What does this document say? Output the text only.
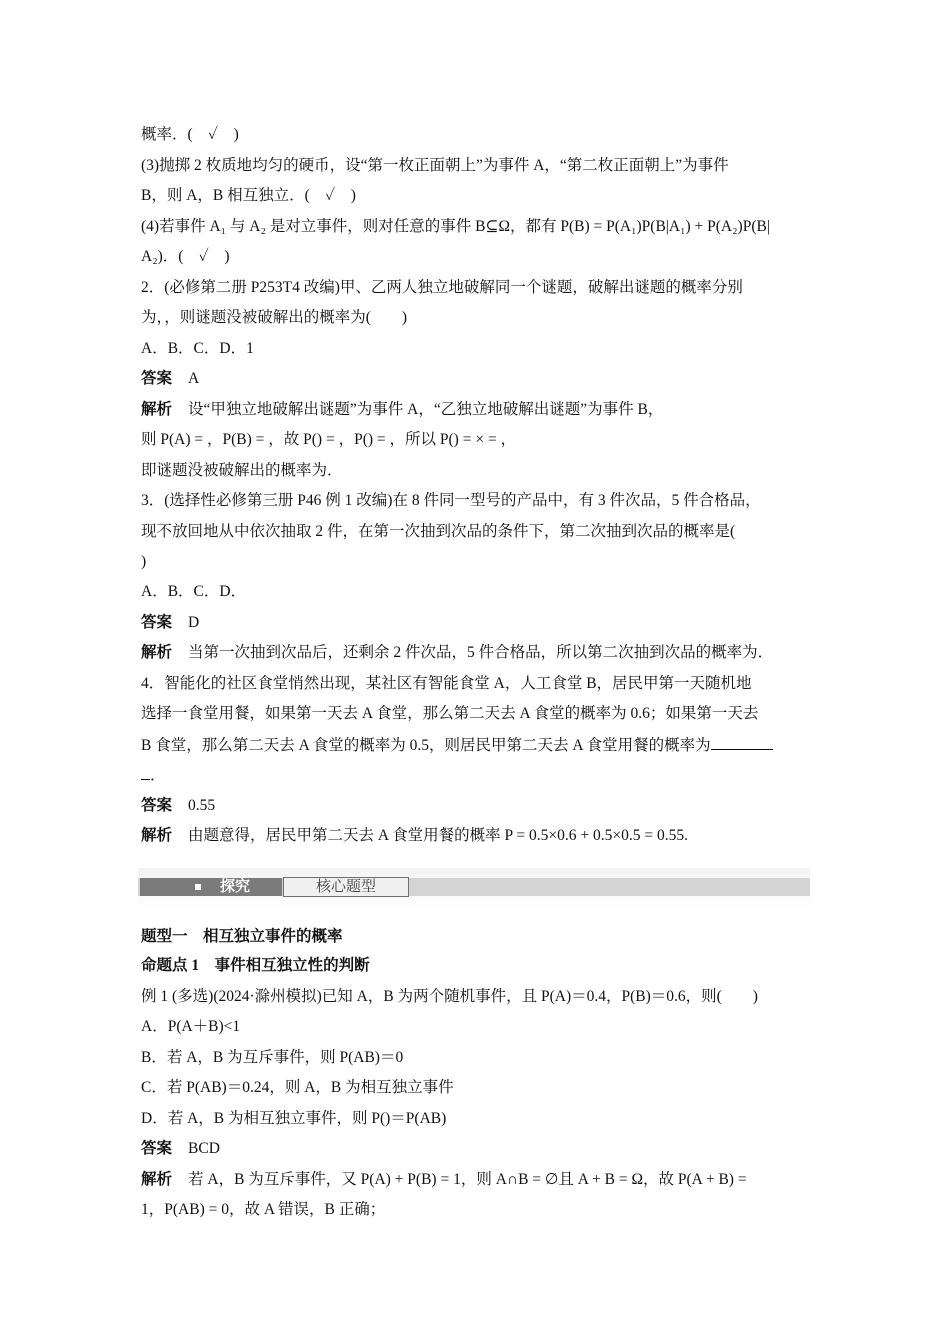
概率．(　✓　)
(3)抛掷 2 枚质地均匀的硬币，设“第一枚正面朝上”为事件 A，“第二枚正面朝上”为事件
B，则 A，B 相互独立．(　✓　)
(4)若事件 A₁ 与 A₂ 是对立事件，则对任意的事件 B⊆Ω，都有 P(B) = P(A₁)P(B|A₁) + P(A₂)P(B|
A₂)．(　✓　)
2．(必修第二册 P253T4 改编)甲、乙两人独立地破解同一个谜题，破解出谜题的概率分别
为，，则谜题没被破解出的概率为(　　)
A．B．C．D．1
答案 A
解析 设“甲独立地破解出谜题”为事件 A，“乙独立地破解出谜题”为事件 B，
则 P(A) = ，P(B) = ，故 P() = ，P() = ，所以 P() = × = ，
即谜题没被破解出的概率为．
3．(选择性必修第三册 P46 例 1 改编)在 8 件同一型号的产品中，有 3 件次品，5 件合格品，
现不放回地从中依次抽取 2 件，在第一次抽到次品的条件下，第二次抽到次品的概率是(
)
A．B．C．D．
答案 D
解析 当第一次抽到次品后，还剩余 2 件次品，5 件合格品，所以第二次抽到次品的概率为．
4．智能化的社区食堂悄然出现，某社区有智能食堂 A，人工食堂 B，居民甲第一天随机地
选择一食堂用餐，如果第一天去 A 食堂，那么第二天去 A 食堂的概率为 0.6；如果第一天去
B 食堂，那么第二天去 A 食堂的概率为 0.5，则居民甲第二天去 A 食堂用餐的概率为
．
答案 0.55
解析 由题意得，居民甲第二天去 A 食堂用餐的概率 P = 0.5×0.6 + 0.5×0.5 = 0.55.
探究	核心题型
题型一　相互独立事件的概率
命题点 1　事件相互独立性的判断
例 1 (多选)(2024·滁州模拟)已知 A，B 为两个随机事件，且 P(A)＝0.4，P(B)＝0.6，则(　　)
A．P(A＋B)<1
B．若 A，B 为互斥事件，则 P(AB)＝0
C．若 P(AB)＝0.24，则 A，B 为相互独立事件
D．若 A，B 为相互独立事件，则 P()＝P(AB)
答案 BCD
解析 若 A，B 为互斥事件，又 P(A) + P(B) = 1，则 A∩B = ∅且 A + B = Ω，故 P(A + B) =
1，P(AB) = 0，故 A 错误，B 正确；
